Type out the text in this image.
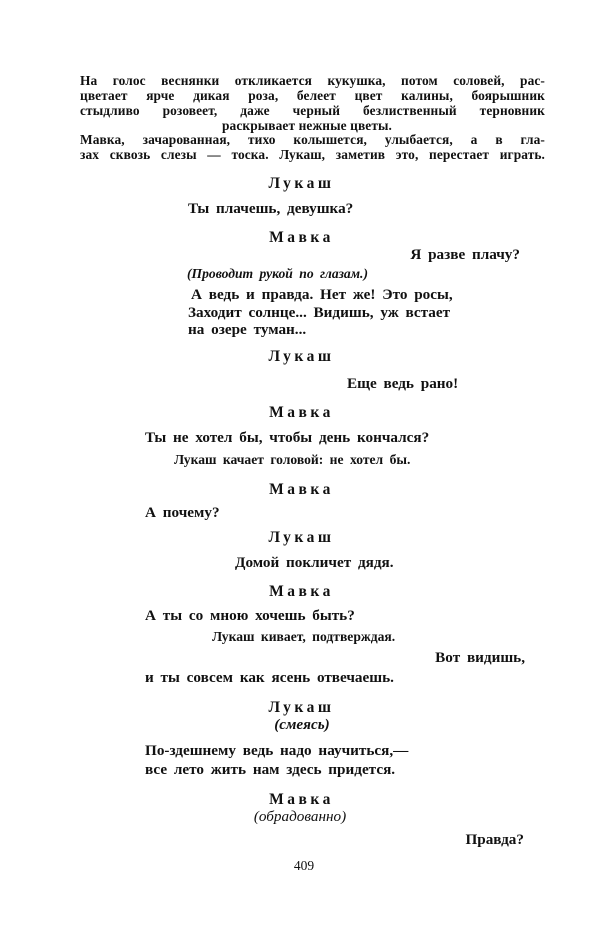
На голос веснянки откликается кукушка, потом соловей, рас-
цветает ярче дикая роза, белеет цвет калины, боярышник
стыдливо розовеет, даже черный безлиственный терновник
раскрывает нежные цветы.
Мавка, зачарованная, тихо колышется, улыбается, а в гла-
зах сквозь слезы — тоска. Лукаш, заметив это, перестает играть.
Лукаш
Ты плачешь, девушка?
Мавка
Я разве плачу?
(Проводит рукой по глазам.)
А ведь и правда. Нет же! Это росы,
Заходит солнце... Видишь, уж встает
на озере туман...
Лукаш
Еще ведь рано!
Мавка
Ты не хотел бы, чтобы день кончался?
Лукаш качает головой: не хотел бы.
Мавка
А почему?
Лукаш
Домой покличет дядя.
Мавка
А ты со мною хочешь быть?
Лукаш кивает, подтверждая.
Вот видишь,
и ты совсем как ясень отвечаешь.
Лукаш
(смеясь)
По-здешнему ведь надо научиться,—
все лето жить нам здесь придется.
Мавка
(обрадованно)
Правда?
409
